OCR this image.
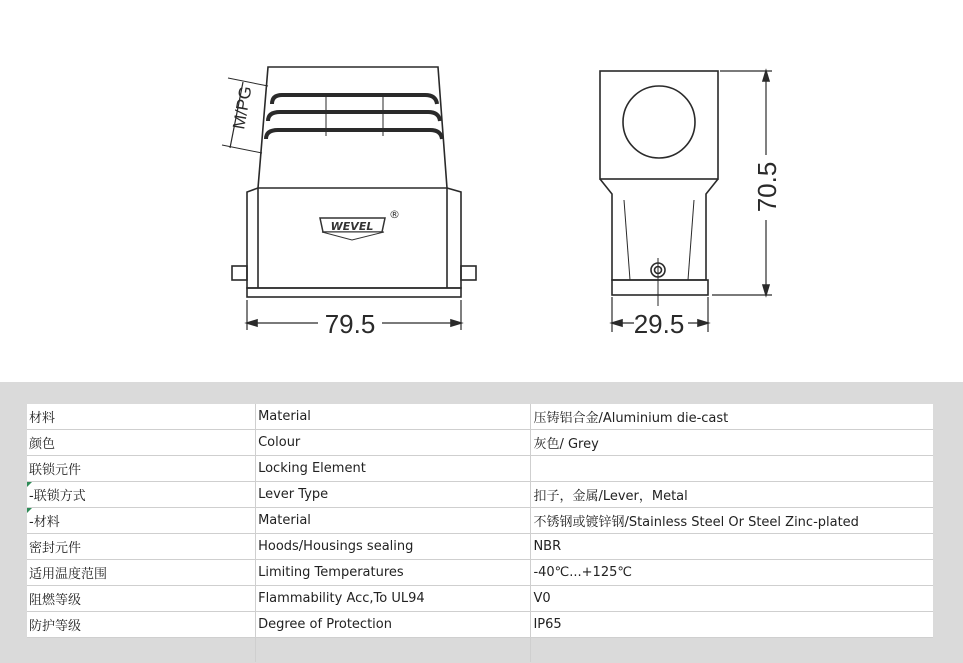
WEVEL
®
M/PG
79.5	29.5
70.5
材料	Material	压铸铝合金/Aluminium die-cast
颜色	Colour	灰色/ Grey
联锁元件	Locking Element	
-联锁方式	Lever Type	扣子，金属/Lever，Metal
-材料	Material	不锈钢或镀锌钢/Stainless Steel Or Steel Zinc-plated
密封元件	Hoods/Housings sealing	NBR
适用温度范围	Limiting Temperatures	-40℃...+125℃
阻燃等级	Flammability Acc,To UL94	V0
防护等级	Degree of Protection	IP65
